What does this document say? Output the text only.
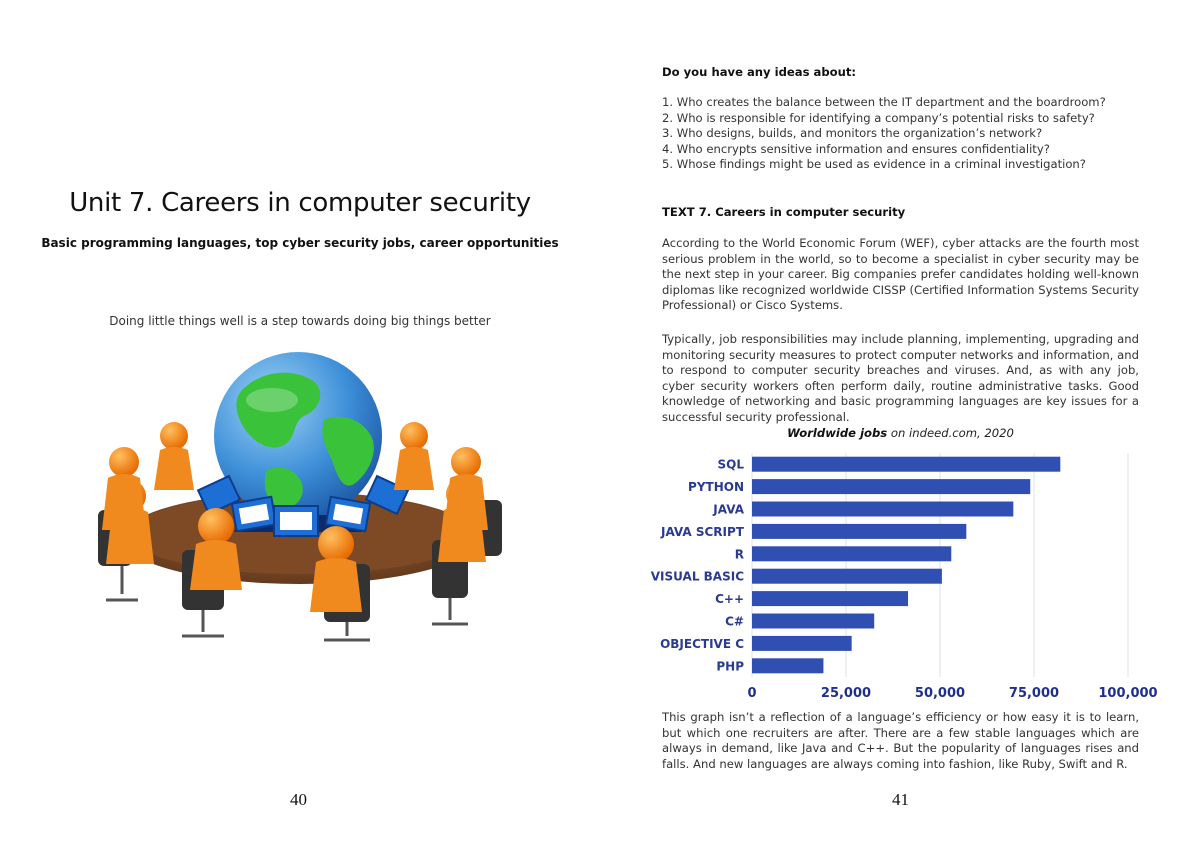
Unit 7. Careers in computer security
Basic programming languages, top cyber security jobs, career opportunities
Doing little things well is a step towards doing big things better
40
Do you have any ideas about:
1. Who creates the balance between the IT department and the boardroom?
2. Who is responsible for identifying a company’s potential risks to safety?
3. Who designs, builds, and monitors the organization’s network?
4. Who encrypts sensitive information and ensures confidentiality?
5. Whose findings might be used as evidence in a criminal investigation?
TEXT 7. Careers in computer security
According to the World Economic Forum (WEF), cyber attacks are the fourth most serious problem in the world, so to become a specialist in cyber security may be the next step in your career. Big companies prefer candidates holding well-known diplomas like recognized worldwide CISSP (Certified Information Systems Security Professional) or Cisco Systems.
Typically, job responsibilities may include planning, implementing, upgrading and monitoring security measures to protect computer networks and information, and to respond to computer security breaches and viruses. And, as with any job, cyber security workers often perform daily, routine administrative tasks. Good knowledge of networking and basic programming languages are key issues for a successful security professional.
Worldwide jobs on indeed.com, 2020
SQL
PYTHON
JAVA
JAVA SCRIPT
R
VISUAL BASIC
C++
C#
OBJECTIVE C
PHP
0	25,000	50,000	75,000	100,000
This graph isn’t a reflection of a language’s efficiency or how easy it is to learn, but which one recruiters are after. There are a few stable languages which are always in demand, like Java and C++. But the popularity of languages rises and falls. And new languages are always coming into fashion, like Ruby, Swift and R.
41
